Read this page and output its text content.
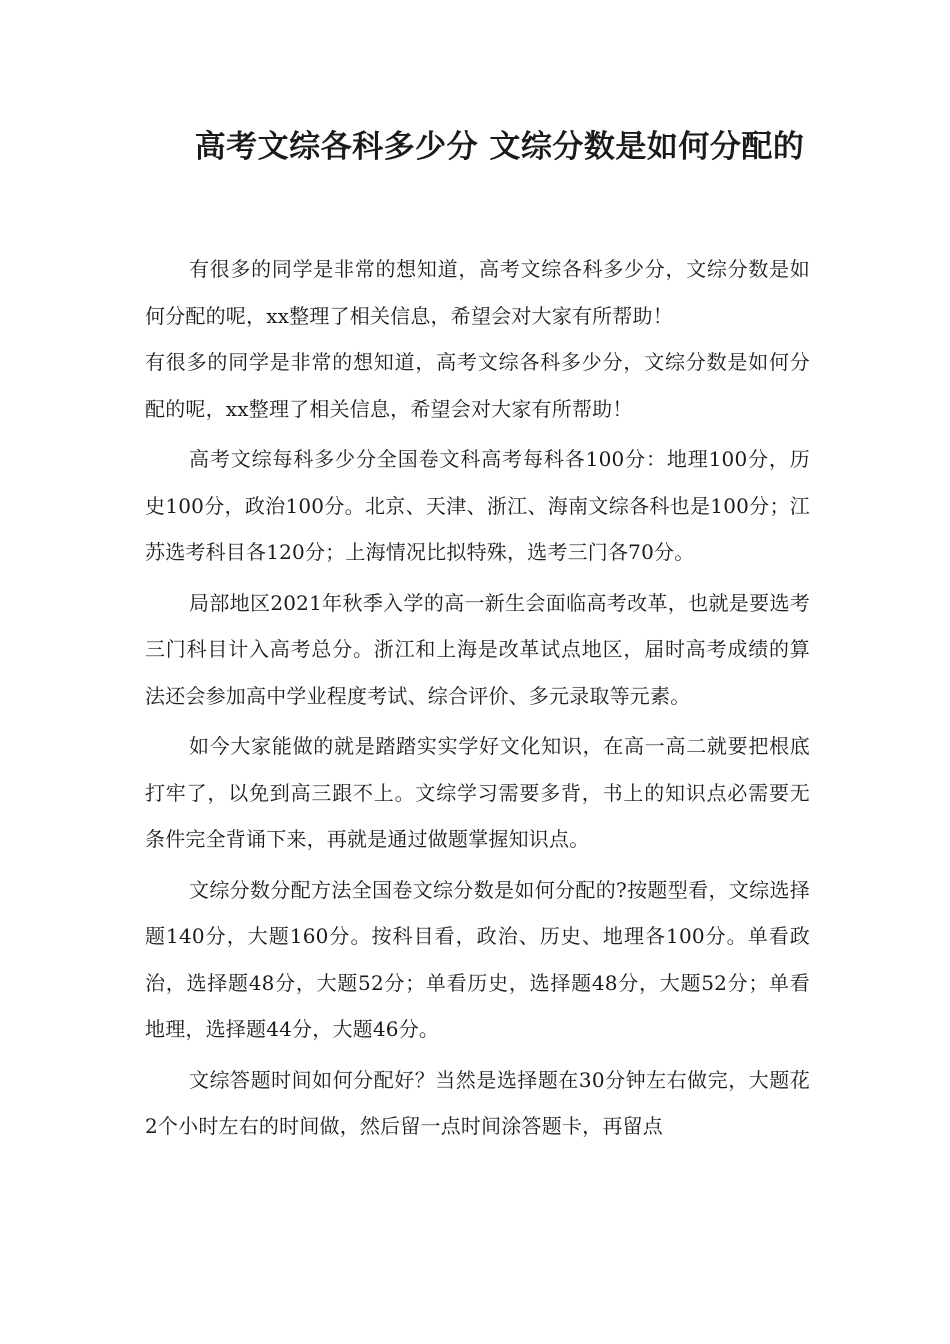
高考文综各科多少分 文综分数是如何分配的

有很多的同学是非常的想知道，高考文综各科多少分，文综分数是如何分配的呢，xx整理了相关信息，希望会对大家有所帮助！

有很多的同学是非常的想知道，高考文综各科多少分，文综分数是如何分配的呢，xx整理了相关信息，希望会对大家有所帮助！

高考文综每科多少分全国卷文科高考每科各100分：地理100分，历史100分，政治100分。北京、天津、浙江、海南文综各科也是100分；江苏选考科目各120分；上海情况比拟特殊，选考三门各70分。

局部地区2021年秋季入学的高一新生会面临高考改革，也就是要选考三门科目计入高考总分。浙江和上海是改革试点地区，届时高考成绩的算法还会参加高中学业程度考试、综合评价、多元录取等元素。

如今大家能做的就是踏踏实实学好文化知识，在高一高二就要把根底打牢了，以免到高三跟不上。文综学习需要多背，书上的知识点必需要无条件完全背诵下来，再就是通过做题掌握知识点。

文综分数分配方法全国卷文综分数是如何分配的?按题型看，文综选择题140分，大题160分。按科目看，政治、历史、地理各100分。单看政治，选择题48分，大题52分；单看历史，选择题48分，大题52分；单看地理，选择题44分，大题46分。

文综答题时间如何分配好？当然是选择题在30分钟左右做完，大题花2个小时左右的时间做，然后留一点时间涂答题卡，再留点
